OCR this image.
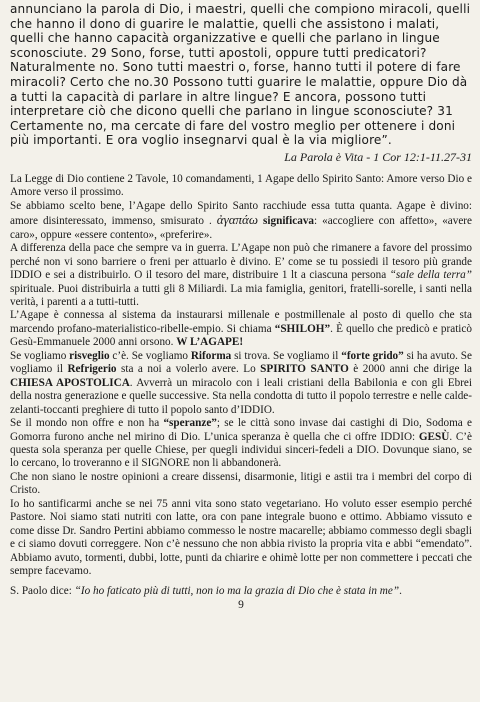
annunciano la parola di Dio, i maestri, quelli che compiono miracoli, quelli che hanno il dono di guarire le malattie, quelli che assistono i malati, quelli che hanno capacità organizzative e quelli che parlano in lingue sconosciute. 29 Sono, forse, tutti apostoli, oppure tutti predicatori? Naturalmente no. Sono tutti maestri o, forse, hanno tutti il potere di fare miracoli? Certo che no.30 Possono tutti guarire le malattie, oppure Dio dà a tutti la capacità di parlare in altre lingue? E ancora, possono tutti interpretare ciò che dicono quelli che parlano in lingue sconosciute? 31 Certamente no, ma cercate di fare del vostro meglio per ottenere i doni più importanti. E ora voglio insegnarvi qual è la via migliore”.

La Parola è Vita - 1 Cor 12:1-11.27-31

La Legge di Dio contiene 2 Tavole, 10 comandamenti, 1 Agape dello Spirito Santo: Amore verso Dio e Amore verso il prossimo.

Se abbiamo scelto bene, l’Agape dello Spirito Santo racchiude essa tutta quanta. Agape è divino: amore disinteressato, immenso, smisurato . ἀγαπάω significava: «accogliere con affetto», «avere caro», oppure «essere contento», «preferire».

A differenza della pace che sempre va in guerra. L’Agape non può che rimanere a favore del prossimo perché non vi sono barriere o freni per attuarlo è divino. E’ come se tu possiedi il tesoro più grande IDDIO e sei a distribuirlo. O il tesoro del mare, distribuire 1 lt a ciascuna persona “sale della terra” spirituale. Puoi distribuirla a tutti gli 8 Miliardi. La mia famiglia, genitori, fratelli-sorelle, i santi nella verità, i parenti a a tutti-tutti.

L’Agape è connessa al sistema da instaurarsi millenale e postmillenale al posto di quello che sta marcendo profano-materialistico-ribelle-empio. Si chiama “SHILOH”. È quello che predicò e praticò Gesù-Emmanuele 2000 anni orsono. W L’AGAPE!

Se vogliamo risveglio c’è. Se vogliamo Riforma si trova. Se vogliamo il “forte grido” si ha avuto. Se vogliamo il Refrigerio sta a noi a volerlo avere. Lo SPIRITO SANTO è 2000 anni che dirige la CHIESA APOSTOLICA. Avverrà un miracolo con i leali cristiani della Babilonia e con gli Ebrei della nostra generazione e quelle successive. Sta nella condotta di tutto il popolo terrestre e nelle calde-zelanti-toccanti preghiere di tutto il popolo santo d’IDDIO.

Se il mondo non offre e non ha “speranze”; se le città sono invase dai castighi di Dio, Sodoma e Gomorra furono anche nel mirino di Dio. L’unica speranza è quella che ci offre IDDIO: GESÙ. C’è questa sola speranza per quelle Chiese, per quegli individui sinceri-fedeli a DIO. Dovunque siano, se lo cercano, lo troveranno e il SIGNORE non li abbandonerà.

Che non siano le nostre opinioni a creare dissensi, disarmonie, litigi e astii tra i membri del corpo di Cristo.

Io ho santificarmi anche se nei 75 anni vita sono stato vegetariano. Ho voluto esser esempio perché Pastore. Noi siamo stati nutriti con latte, ora con pane integrale buono e ottimo. Abbiamo vissuto e come disse Dr. Sandro Pertini abbiamo commesso le nostre macarelle; abbiamo commesso degli sbagli e ci siamo dovuti correggere. Non c’è nessuno che non abbia rivisto la propria vita e abbi “emendato”. Abbiamo avuto, tormenti, dubbi, lotte, punti da chiarire e ohimè lotte per non commettere i peccati che sempre facevamo.

S. Paolo dice: “Io ho faticato più di tutti, non io ma la grazia di Dio che è stata in me”.
9
